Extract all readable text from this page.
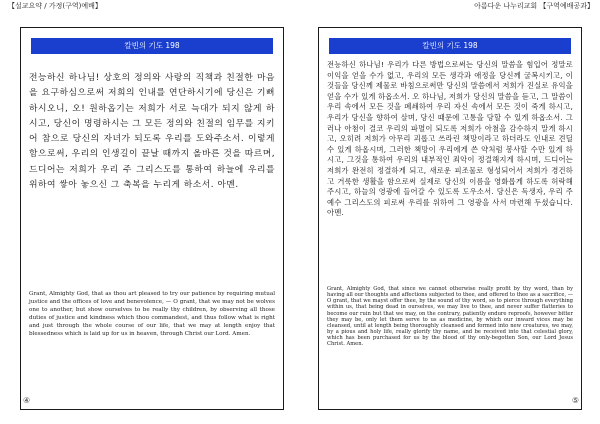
【설교요약 / 가정(구역)예배】	아름다운 나누리교회 【구역예배공과】
칼빈의 기도 198

전능하신 하나님! 상호의 정의와 사랑의 직책과 친절한 마음을 요구하심으로써 저희의 인내를 연단하시기에 당신은 기뻐하시오니, 오! 원하옵기는 저희가 서로 늑대가 되지 않게 하시고, 당신이 명령하시는 그 모든 정의와 친절의 임무를 지키어 참으로 당신의 자녀가 되도록 우리를 도와주소서. 이렇게 함으로써, 우리의 인생길이 끝날 때까지 올바른 것을 따르며, 드디어는 저희가 우리 주 그리스도를 통하여 하늘에 우리를 위하여 쌓아 놓으신 그 축복을 누리게 하소서. 아멘.

Grant, Almighty God, that as thou art pleased to try our patience by requiring mutual justice and the offices of love and benevolence, — O grant, that we may not be wolves one to another, but show ourselves to be really thy children, by observing all those duties of justice and kindness which thou commandest, and thus follow what is right and just through the whole course of our life, that we may at length enjoy that blessedness which is laid up for us in heaven, through Christ our Lord. Amen.

④
칼빈의 기도 198

전능하신 하나님! 우리가 다른 방법으로써는 당신의 말씀을 힘입어 정말로 이익을 얻을 수가 없고, 우리의 모든 생각과 애정을 당신께 굴복시키고, 이것들을 당신께 제물로 바침으로써만 당신의 말씀에서 저희가 진실로 유익을 얻을 수가 있게 하옵소서. 오 하나님, 저희가 당신의 말씀을 듣고, 그 말씀이 우리 속에서 모든 것을 폐쇄하여 우리 자신 속에서 모든 것이 죽게 하시고, 우리가 당신을 향하여 살며, 당신 때문에 고통을 당할 수 있게 하옵소서. 그러나 아첨이 결코 우리의 파멸이 되도록 저희가 아첨을 감수하지 말게 하시고, 오히려 저희가 아무리 괴롭고 쓰라린 책망이라고 하더라도 인내로 견딜 수 있게 하옵시며, 그러한 책망이 우리에게 쓴 약처럼 봉사할 수만 있게 하시고, 그것을 통하여 우리의 내부적인 죄악이 정결해지게 하시며, 드디어는 저희가 완전히 정결하게 되고, 새로운 피조물로 형성되어서 저희가 경건하고 거룩한 생활을 함으로써 실제로 당신의 이름을 영화롭게 하도록 허락해 주시고, 하늘의 영광에 들어갈 수 있도록 도우소서. 당신은 독생자, 우리 주 예수 그리스도의 피로써 우리를 위하여 그 영광을 사서 마련해 두셨습니다. 아멘.

Grant, Almighty God, that since we cannot otherwise really profit by thy word, than by having all our thoughts and affections subjected to thee, and offered to thee as a sacrifice, — O grant, that we mayst offer thee, by the sound of thy word, so to pierce through everything within us, that being dead in ourselves, we may live to thee, and never suffer flatteries to become our ruin but that we may, on the contrary, patiently endure reproofs, however bitter they may be, only let them serve to us as medicine, by which our inward vices may be cleansed, until at length being thoroughly cleansed and formed into new creatures, we may, by a pious and holy life, really glorify thy name, and be received into that celestial glory, which has been purchased for us by the blood of thy only-begotten Son, our Lord Jesus Christ. Amen.

⑤
